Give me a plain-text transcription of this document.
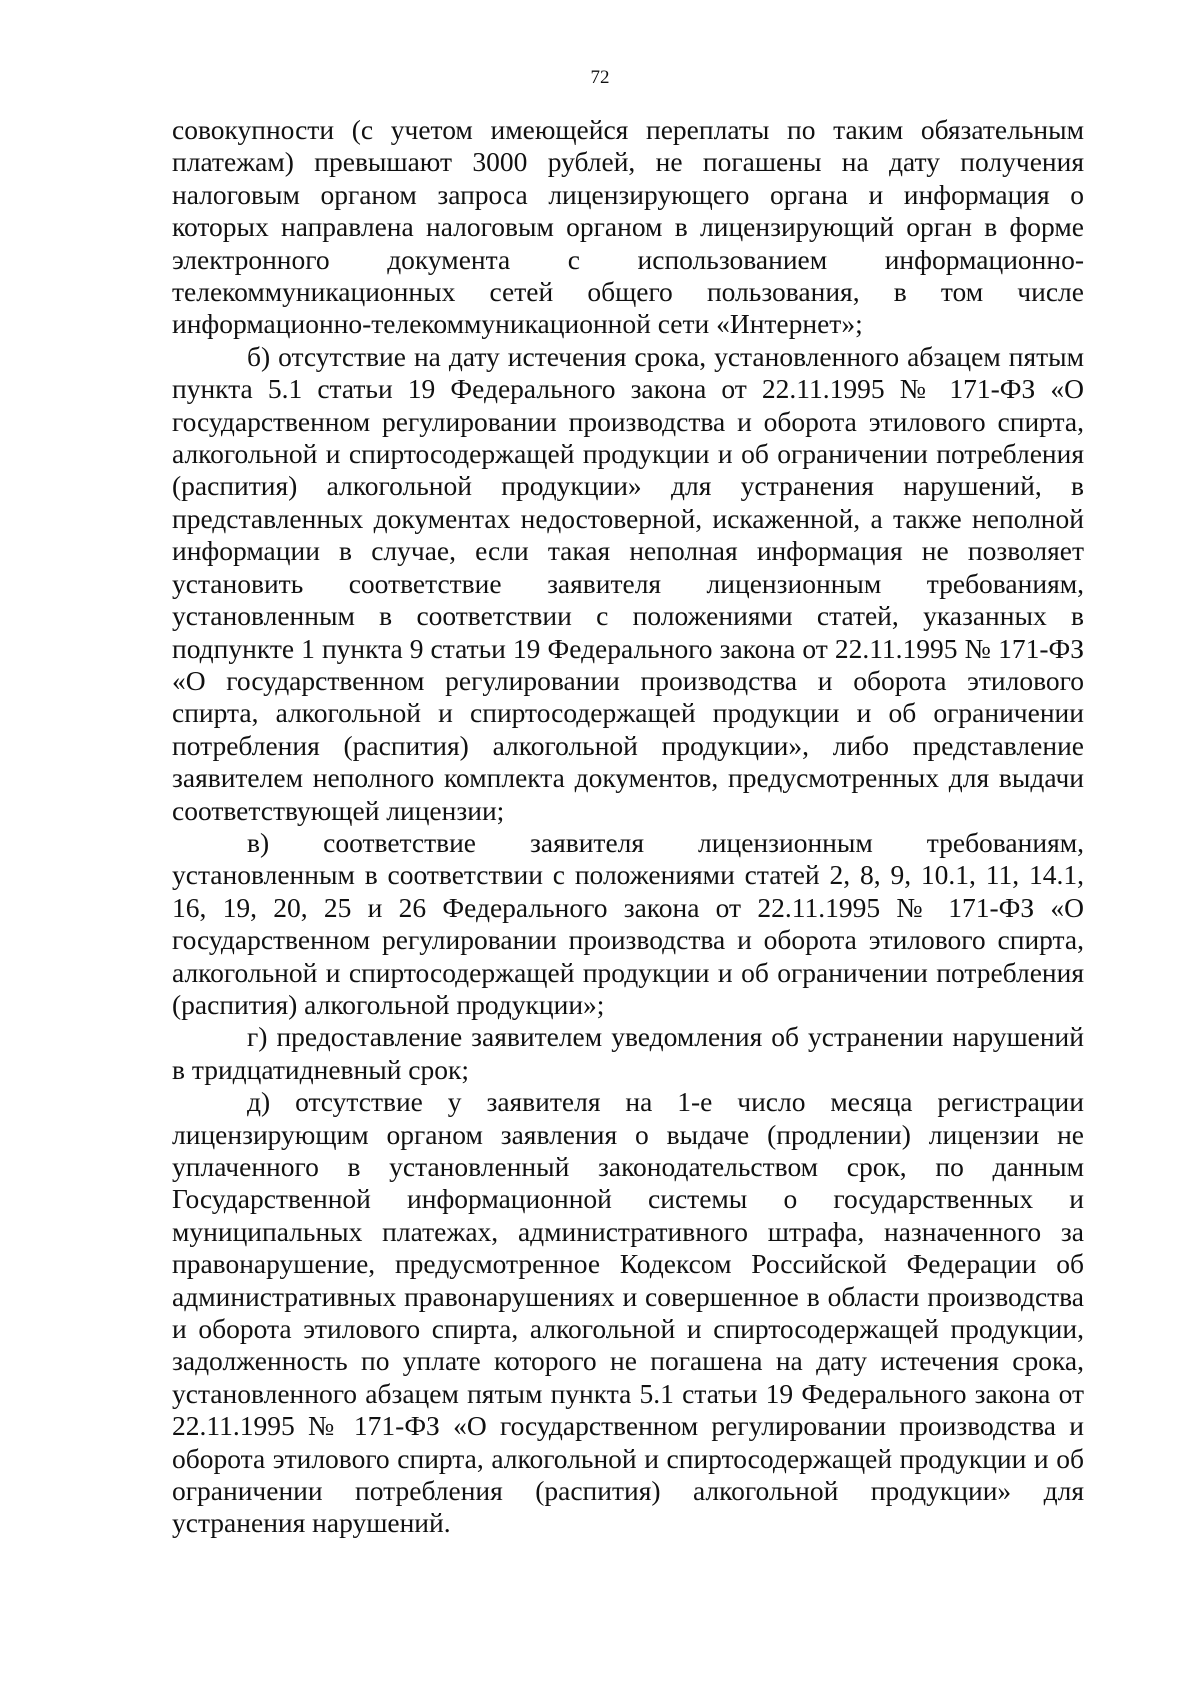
72

совокупности (с учетом имеющейся переплаты по таким обязательным платежам) превышают 3000 рублей, не погашены на дату получения налоговым органом запроса лицензирующего органа и информация о которых направлена налоговым органом в лицензирующий орган в форме электронного документа с использованием информационно-телекоммуникационных сетей общего пользования, в том числе информационно-телекоммуникационной сети «Интернет»;

б) отсутствие на дату истечения срока, установленного абзацем пятым пункта 5.1 статьи 19 Федерального закона от 22.11.1995 № 171-ФЗ «О государственном регулировании производства и оборота этилового спирта, алкогольной и спиртосодержащей продукции и об ограничении потребления (распития) алкогольной продукции» для устранения нарушений, в представленных документах недостоверной, искаженной, а также неполной информации в случае, если такая неполная информация не позволяет установить соответствие заявителя лицензионным требованиям, установленным в соответствии с положениями статей, указанных в подпункте 1 пункта 9 статьи 19 Федерального закона от 22.11.1995 № 171-ФЗ «О государственном регулировании производства и оборота этилового спирта, алкогольной и спиртосодержащей продукции и об ограничении потребления (распития) алкогольной продукции», либо представление заявителем неполного комплекта документов, предусмотренных для выдачи соответствующей лицензии;

в) соответствие заявителя лицензионным требованиям, установленным в соответствии с положениями статей 2, 8, 9, 10.1, 11, 14.1, 16, 19, 20, 25 и 26 Федерального закона от 22.11.1995 № 171-ФЗ «О государственном регулировании производства и оборота этилового спирта, алкогольной и спиртосодержащей продукции и об ограничении потребления (распития) алкогольной продукции»;

г) предоставление заявителем уведомления об устранении нарушений в тридцатидневный срок;

д) отсутствие у заявителя на 1-е число месяца регистрации лицензирующим органом заявления о выдаче (продлении) лицензии не уплаченного в установленный законодательством срок, по данным Государственной информационной системы о государственных и муниципальных платежах, административного штрафа, назначенного за правонарушение, предусмотренное Кодексом Российской Федерации об административных правонарушениях и совершенное в области производства и оборота этилового спирта, алкогольной и спиртосодержащей продукции, задолженность по уплате которого не погашена на дату истечения срока, установленного абзацем пятым пункта 5.1 статьи 19 Федерального закона от 22.11.1995 № 171-ФЗ «О государственном регулировании производства и оборота этилового спирта, алкогольной и спиртосодержащей продукции и об ограничении потребления (распития) алкогольной продукции» для устранения нарушений.
